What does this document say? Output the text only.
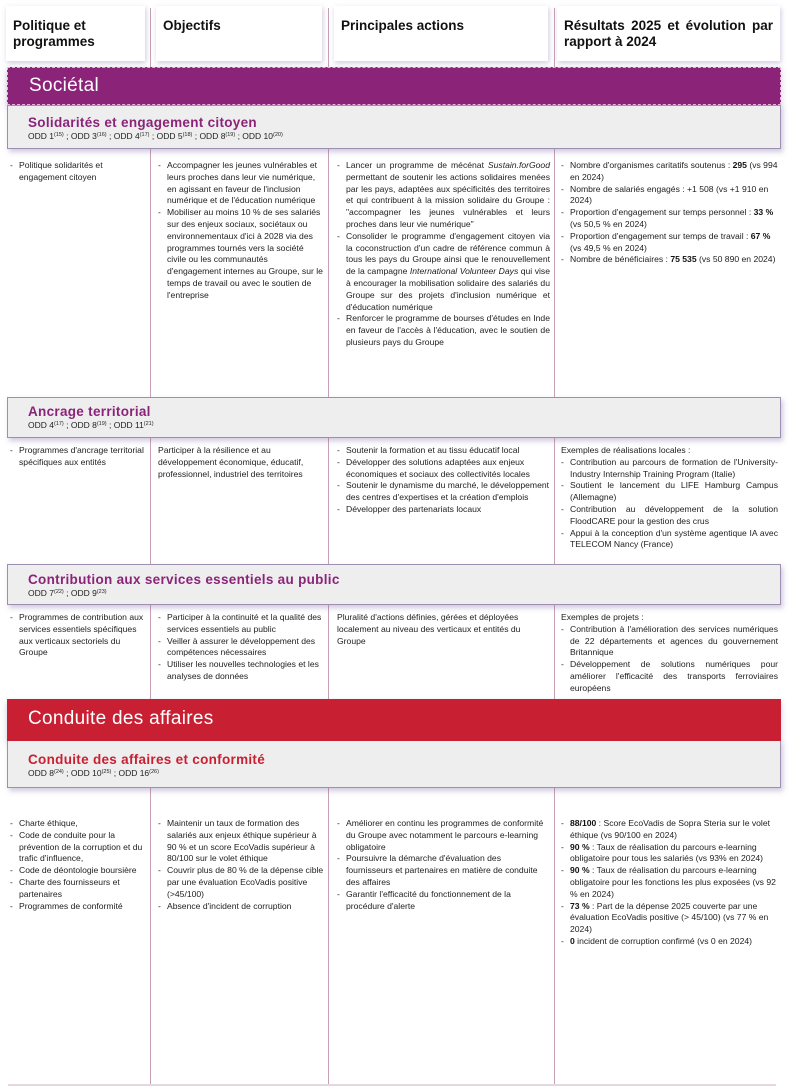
Politique et programmes
Objectifs	Principales actions	Résultats 2025 et évolution par rapport à 2024
Sociétal
Solidarités et engagement citoyen
ODD 1$^{(15)}$ ; ODD 3$^{(16)}$ ; ODD 4$^{(17)}$ ; ODD 5$^{(18)}$ ; ODD 8$^{(19)}$ ; ODD 10$^{(20)}$
- Politique solidarités et engagement citoyen
- Accompagner les jeunes vulnérables et leurs proches dans leur vie numérique, en agissant en faveur de l'inclusion numérique et de l'éducation numérique
- Mobiliser au moins 10 % de ses salariés sur des enjeux sociaux, sociétaux ou environnementaux d'ici à 2028 via des programmes tournés vers la société civile ou les communautés d'engagement internes au Groupe, sur le temps de travail ou avec le soutien de l'entreprise
- Lancer un programme de mécénat Sustain.forGood permettant de soutenir les actions solidaires menées par les pays, adaptées aux spécificités des territoires et qui contribuent à la mission solidaire du Groupe : "accompagner les jeunes vulnérables et leurs proches dans leur vie numérique"
- Consolider le programme d'engagement citoyen via la coconstruction d'un cadre de référence commun à tous les pays du Groupe ainsi que le renouvellement de la campagne International Volunteer Days qui vise à encourager la mobilisation solidaire des salariés du Groupe sur des projets d'inclusion numérique et d'éducation numérique
- Renforcer le programme de bourses d'études en Inde en faveur de l'accès à l'éducation, avec le soutien de plusieurs pays du Groupe
- Nombre d'organismes caritatifs soutenus : 295 (vs 994 en 2024)
- Nombre de salariés engagés : +1 508 (vs +1 910 en 2024)
- Proportion d'engagement sur temps personnel : 33 % (vs 50,5 % en 2024)
- Proportion d'engagement sur temps de travail : 67 % (vs 49,5 % en 2024)
- Nombre de bénéficiaires : 75 535 (vs 50 890 en 2024)
Ancrage territorial
ODD 4$^{(17)}$ ; ODD 8$^{(19)}$ ; ODD 11$^{(21)}$
- Programmes d'ancrage territorial spécifiques aux entités

Participer à la résilience et au développement économique, éducatif, professionnel, industriel des territoires

- Soutenir la formation et au tissu éducatif local
- Développer des solutions adaptées aux enjeux économiques et sociaux des collectivités locales
- Soutenir le dynamisme du marché, le développement des centres d'expertises et la création d'emplois
- Développer des partenariats locaux

Exemples de réalisations locales :

- Contribution au parcours de formation de l'University-Industry Internship Training Program (Italie)
- Soutient le lancement du LIFE Hamburg Campus (Allemagne)
- Contribution au développement de la solution FloodCARE pour la gestion des crus
- Appui à la conception d'un système agentique IA avec TELECOM Nancy (France)
Contribution aux services essentiels au public
ODD 7$^{(22)}$ ; ODD 9$^{(23)}$
- Programmes de contribution aux services essentiels spécifiques aux verticaux sectoriels du Groupe
- Participer à la continuité et la qualité des services essentiels au public
- Veiller à assurer le développement des compétences nécessaires
- Utiliser les nouvelles technologies et les analyses de données

Pluralité d'actions définies, gérées et déployées localement au niveau des verticaux et entités du Groupe

Exemples de projets :

- Contribution à l'amélioration des services numériques de 22 départements et agences du gouvernement Britannique
- Développement de solutions numériques pour améliorer l'efficacité des transports ferroviaires européens
Conduite des affaires
Conduite des affaires et conformité
ODD 8$^{(24)}$ ; ODD 10$^{(25)}$ ; ODD 16$^{(26)}$
- Charte éthique,
- Code de conduite pour la prévention de la corruption et du trafic d'influence,
- Code de déontologie boursière
- Charte des fournisseurs et partenaires
- Programmes de conformité
- Maintenir un taux de formation des salariés aux enjeux éthique supérieur à 90 % et un score EcoVadis supérieur à 80/100 sur le volet éthique
- Couvrir plus de 80 % de la dépense cible par une évaluation EcoVadis positive (>45/100)
- Absence d'incident de corruption
- Améliorer en continu les programmes de conformité du Groupe avec notamment le parcours e-learning obligatoire
- Poursuivre la démarche d'évaluation des fournisseurs et partenaires en matière de conduite des affaires
- Garantir l'efficacité du fonctionnement de la procédure d'alerte
- 88/100 : Score EcoVadis de Sopra Steria sur le volet éthique (vs 90/100 en 2024)
- 90 % : Taux de réalisation du parcours e-learning obligatoire pour tous les salariés (vs 93% en 2024)
- 90 % : Taux de réalisation du parcours e-learning obligatoire pour les fonctions les plus exposées (vs 92 % en 2024)
- 73 % : Part de la dépense 2025 couverte par une évaluation EcoVadis positive (> 45/100) (vs 77 % en 2024)
- 0 incident de corruption confirmé (vs 0 en 2024)
